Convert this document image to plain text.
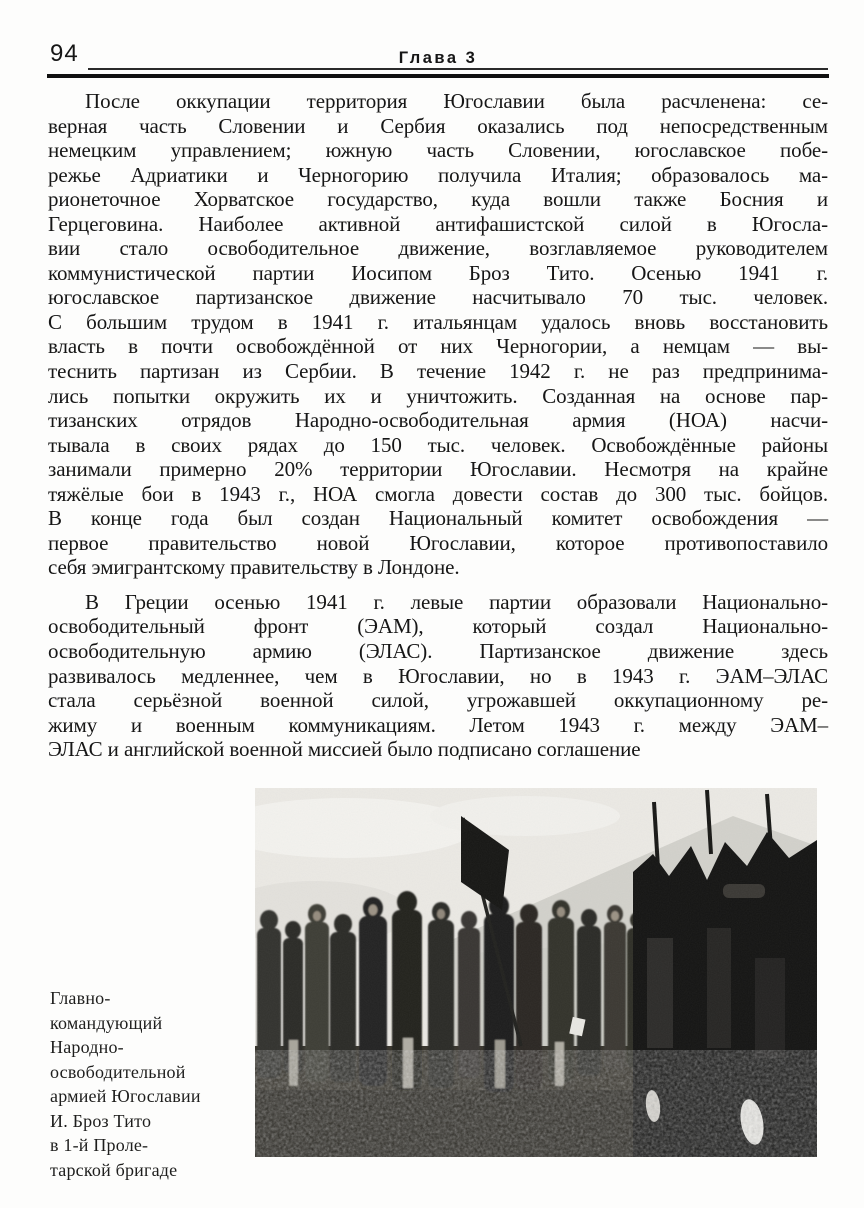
94	Глава 3
После оккупации территория Югославии была расчленена: се-
верная часть Словении и Сербия оказались под непосредственным
немецким управлением; южную часть Словении, югославское побе-
режье Адриатики и Черногорию получила Италия; образовалось ма-
рионеточное Хорватское государство, куда вошли также Босния и
Герцеговина. Наиболее активной антифашистской силой в Югосла-
вии стало освободительное движение, возглавляемое руководителем
коммунистической партии Иосипом Броз Тито. Осенью 1941 г.
югославское партизанское движение насчитывало 70 тыс. человек.
С большим трудом в 1941 г. итальянцам удалось вновь восстановить
власть в почти освобождённой от них Черногории, а немцам — вы-
теснить партизан из Сербии. В течение 1942 г. не раз предпринима-
лись попытки окружить их и уничтожить. Созданная на основе пар-
тизанских отрядов Народно-освободительная армия (НОА) насчи-
тывала в своих рядах до 150 тыс. человек. Освобождённые районы
занимали примерно 20% территории Югославии. Несмотря на крайне
тяжёлые бои в 1943 г., НОА смогла довести состав до 300 тыс. бойцов.
В конце года был создан Национальный комитет освобождения —
первое правительство новой Югославии, которое противопоставило
себя эмигрантскому правительству в Лондоне.
В Греции осенью 1941 г. левые партии образовали Национально-
освободительный фронт (ЭАМ), который создал Национально-
освободительную армию (ЭЛАС). Партизанское движение здесь
развивалось медленнее, чем в Югославии, но в 1943 г. ЭАМ–ЭЛАС
стала серьёзной военной силой, угрожавшей оккупационному ре-
жиму и военным коммуникациям. Летом 1943 г. между ЭАМ–
ЭЛАС и английской военной миссией было подписано соглашение
Главно-
командующий
Народно-
освободительной
армией Югославии
И. Броз Тито
в 1-й Проле-
тарской бригаде
